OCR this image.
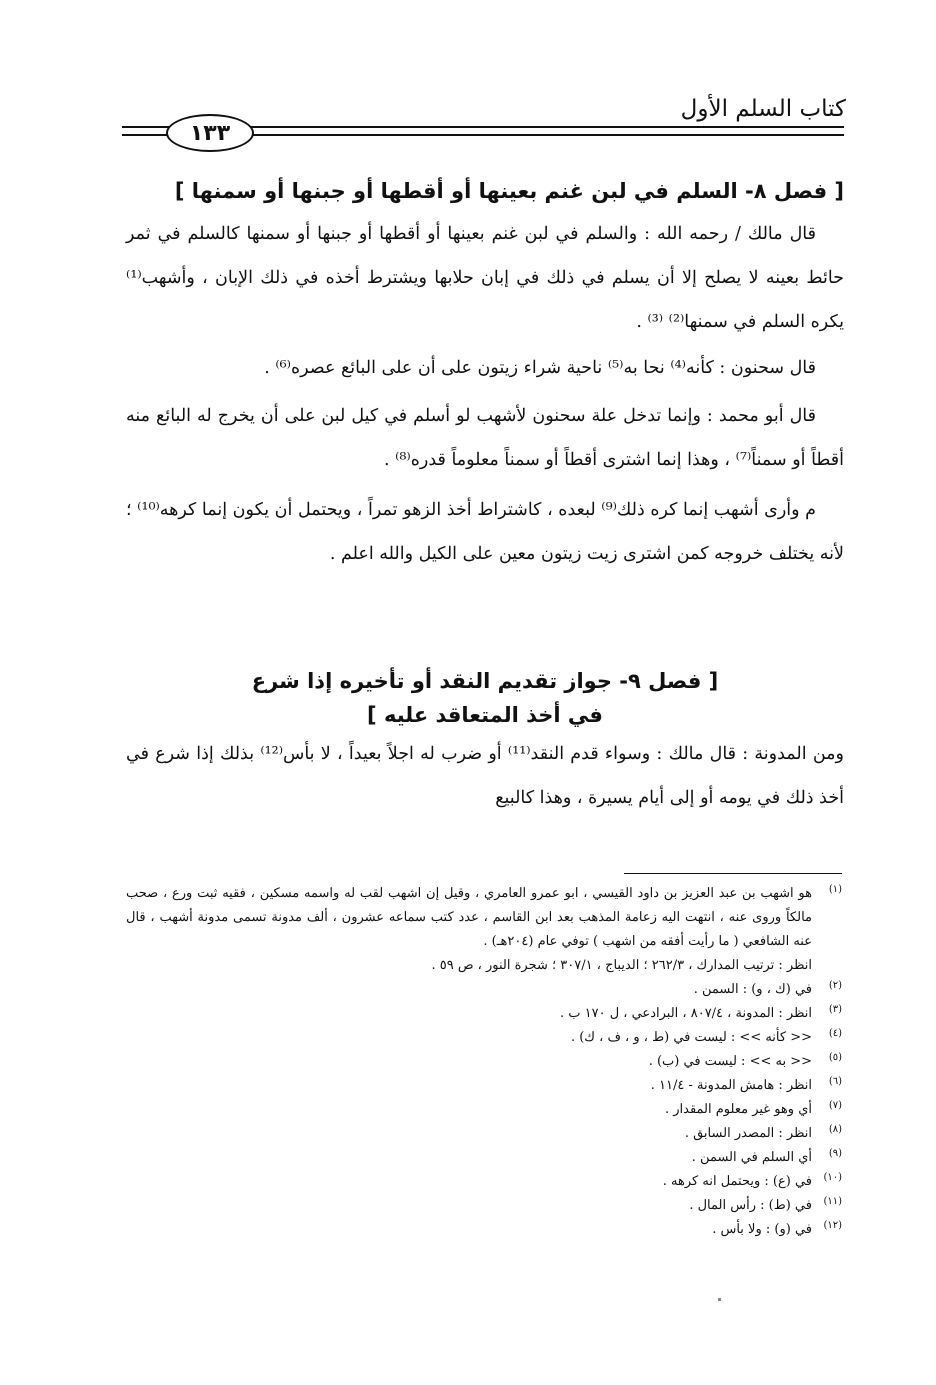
كتاب السلم الأول
١٣٣
[ فصل ٨- السلم في لبن غنم بعينها أو أقطها أو جبنها أو سمنها ]
قال مالك / رحمه الله : والسلم في لبن غنم بعينها أو أقطها أو جبنها أو سمنها كالسلم في ثمر حائط بعينه لا يصلح إلا أن يسلم في ذلك في إبان حلابها ويشترط أخذه في ذلك الإبان ، وأشهب⁽¹⁾ يكره السلم في سمنها⁽²⁾ ⁽³⁾ .
قال سحنون : كأنه⁽⁴⁾ نحا به⁽⁵⁾ ناحية شراء زيتون على أن على البائع عصره⁽⁶⁾ .
قال أبو محمد : وإنما تدخل علة سحنون لأشهب لو أسلم في كيل لبن على أن يخرج له البائع منه أقطاً أو سمناً⁽⁷⁾ ، وهذا إنما اشترى أقطاً أو سمناً معلوماً قدره⁽⁸⁾ .
م وأرى أشهب إنما كره ذلك⁽⁹⁾ لبعده ، كاشتراط أخذ الزهو تمراً ، ويحتمل أن يكون إنما كرهه⁽¹⁰⁾ ؛ لأنه يختلف خروجه كمن اشترى زيت زيتون معين على الكيل والله اعلم .
[ فصل ٩- جواز تقديم النقد أو تأخيره إذا شرع
في أخذ المتعاقد عليه ]
ومن المدونة : قال مالك : وسواء قدم النقد⁽¹¹⁾ أو ضرب له اجلاً بعيداً ، لا بأس⁽¹²⁾ بذلك إذا شرع في أخذ ذلك في يومه أو إلى أيام يسيرة ، وهذا كالبيع
(١)
هو اشهب بن عبد العزيز بن داود القيسي ، ابو عمرو العامري ، وقيل إن اشهب لقب له واسمه مسكين ، فقيه ثبت ورع ، صحب مالكاً وروى عنه ، انتهت اليه زعامة المذهب بعد ابن القاسم ، عدد كتب سماعه عشرون ، ألف مدونة تسمى مدونة أشهب ، قال عنه الشافعي ( ما رأيت أفقه من اشهب ) توفي عام (٢٠٤هـ) .
انظر : ترتيب المدارك ، ٢٦٢/٣ ؛ الديباج ، ٣٠٧/١ ؛ شجرة النور ، ص ٥٩ .
(٢)
في (ك ، و) : السمن .
(٣)
انظر : المدونة ، ٨٠٧/٤ ، البرادعي ، ل ١٧٠ ب .
(٤)
<< كأنه >> : ليست في (ط ، و ، ف ، ك) .
(٥)
<< به >> : ليست في (ب) .
(٦)
انظر : هامش المدونة - ١١/٤ .
(٧)
أي وهو غير معلوم المقدار .
(٨)
انظر : المصدر السابق .
(٩)
أي السلم في السمن .
(١٠)
في (ع) : ويحتمل انه كرهه .
(١١)
في (ط) : رأس المال .
(١٢)
في (و) : ولا بأس .
